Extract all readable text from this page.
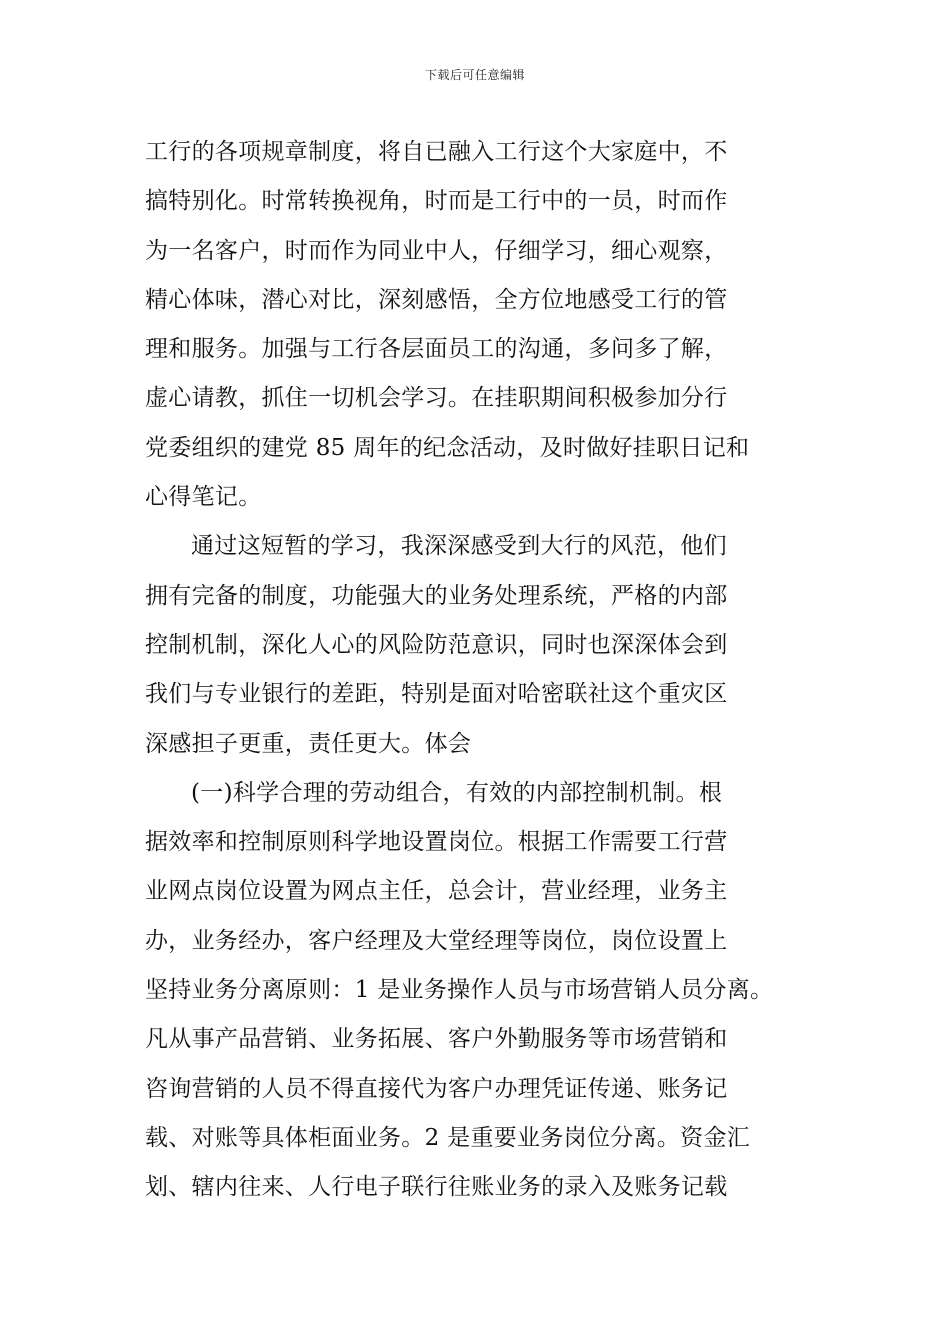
下载后可任意编辑
工行的各项规章制度，将自已融入工行这个大家庭中，不
搞特别化。时常转换视角，时而是工行中的一员，时而作
为一名客户，时而作为同业中人，仔细学习，细心观察，
精心体味，潜心对比，深刻感悟，全方位地感受工行的管
理和服务。加强与工行各层面员工的沟通，多问多了解，
虚心请教，抓住一切机会学习。在挂职期间积极参加分行
党委组织的建党 85 周年的纪念活动，及时做好挂职日记和
心得笔记。
通过这短暂的学习，我深深感受到大行的风范，他们
拥有完备的制度，功能强大的业务处理系统，严格的内部
控制机制，深化人心的风险防范意识，同时也深深体会到
我们与专业银行的差距，特别是面对哈密联社这个重灾区
深感担子更重，责任更大。体会
(一)科学合理的劳动组合，有效的内部控制机制。根
据效率和控制原则科学地设置岗位。根据工作需要工行营
业网点岗位设置为网点主任，总会计，营业经理，业务主
办，业务经办，客户经理及大堂经理等岗位，岗位设置上
坚持业务分离原则：1 是业务操作人员与市场营销人员分离。
凡从事产品营销、业务拓展、客户外勤服务等市场营销和
咨询营销的人员不得直接代为客户办理凭证传递、账务记
载、对账等具体柜面业务。2 是重要业务岗位分离。资金汇
划、辖内往来、人行电子联行往账业务的录入及账务记载
